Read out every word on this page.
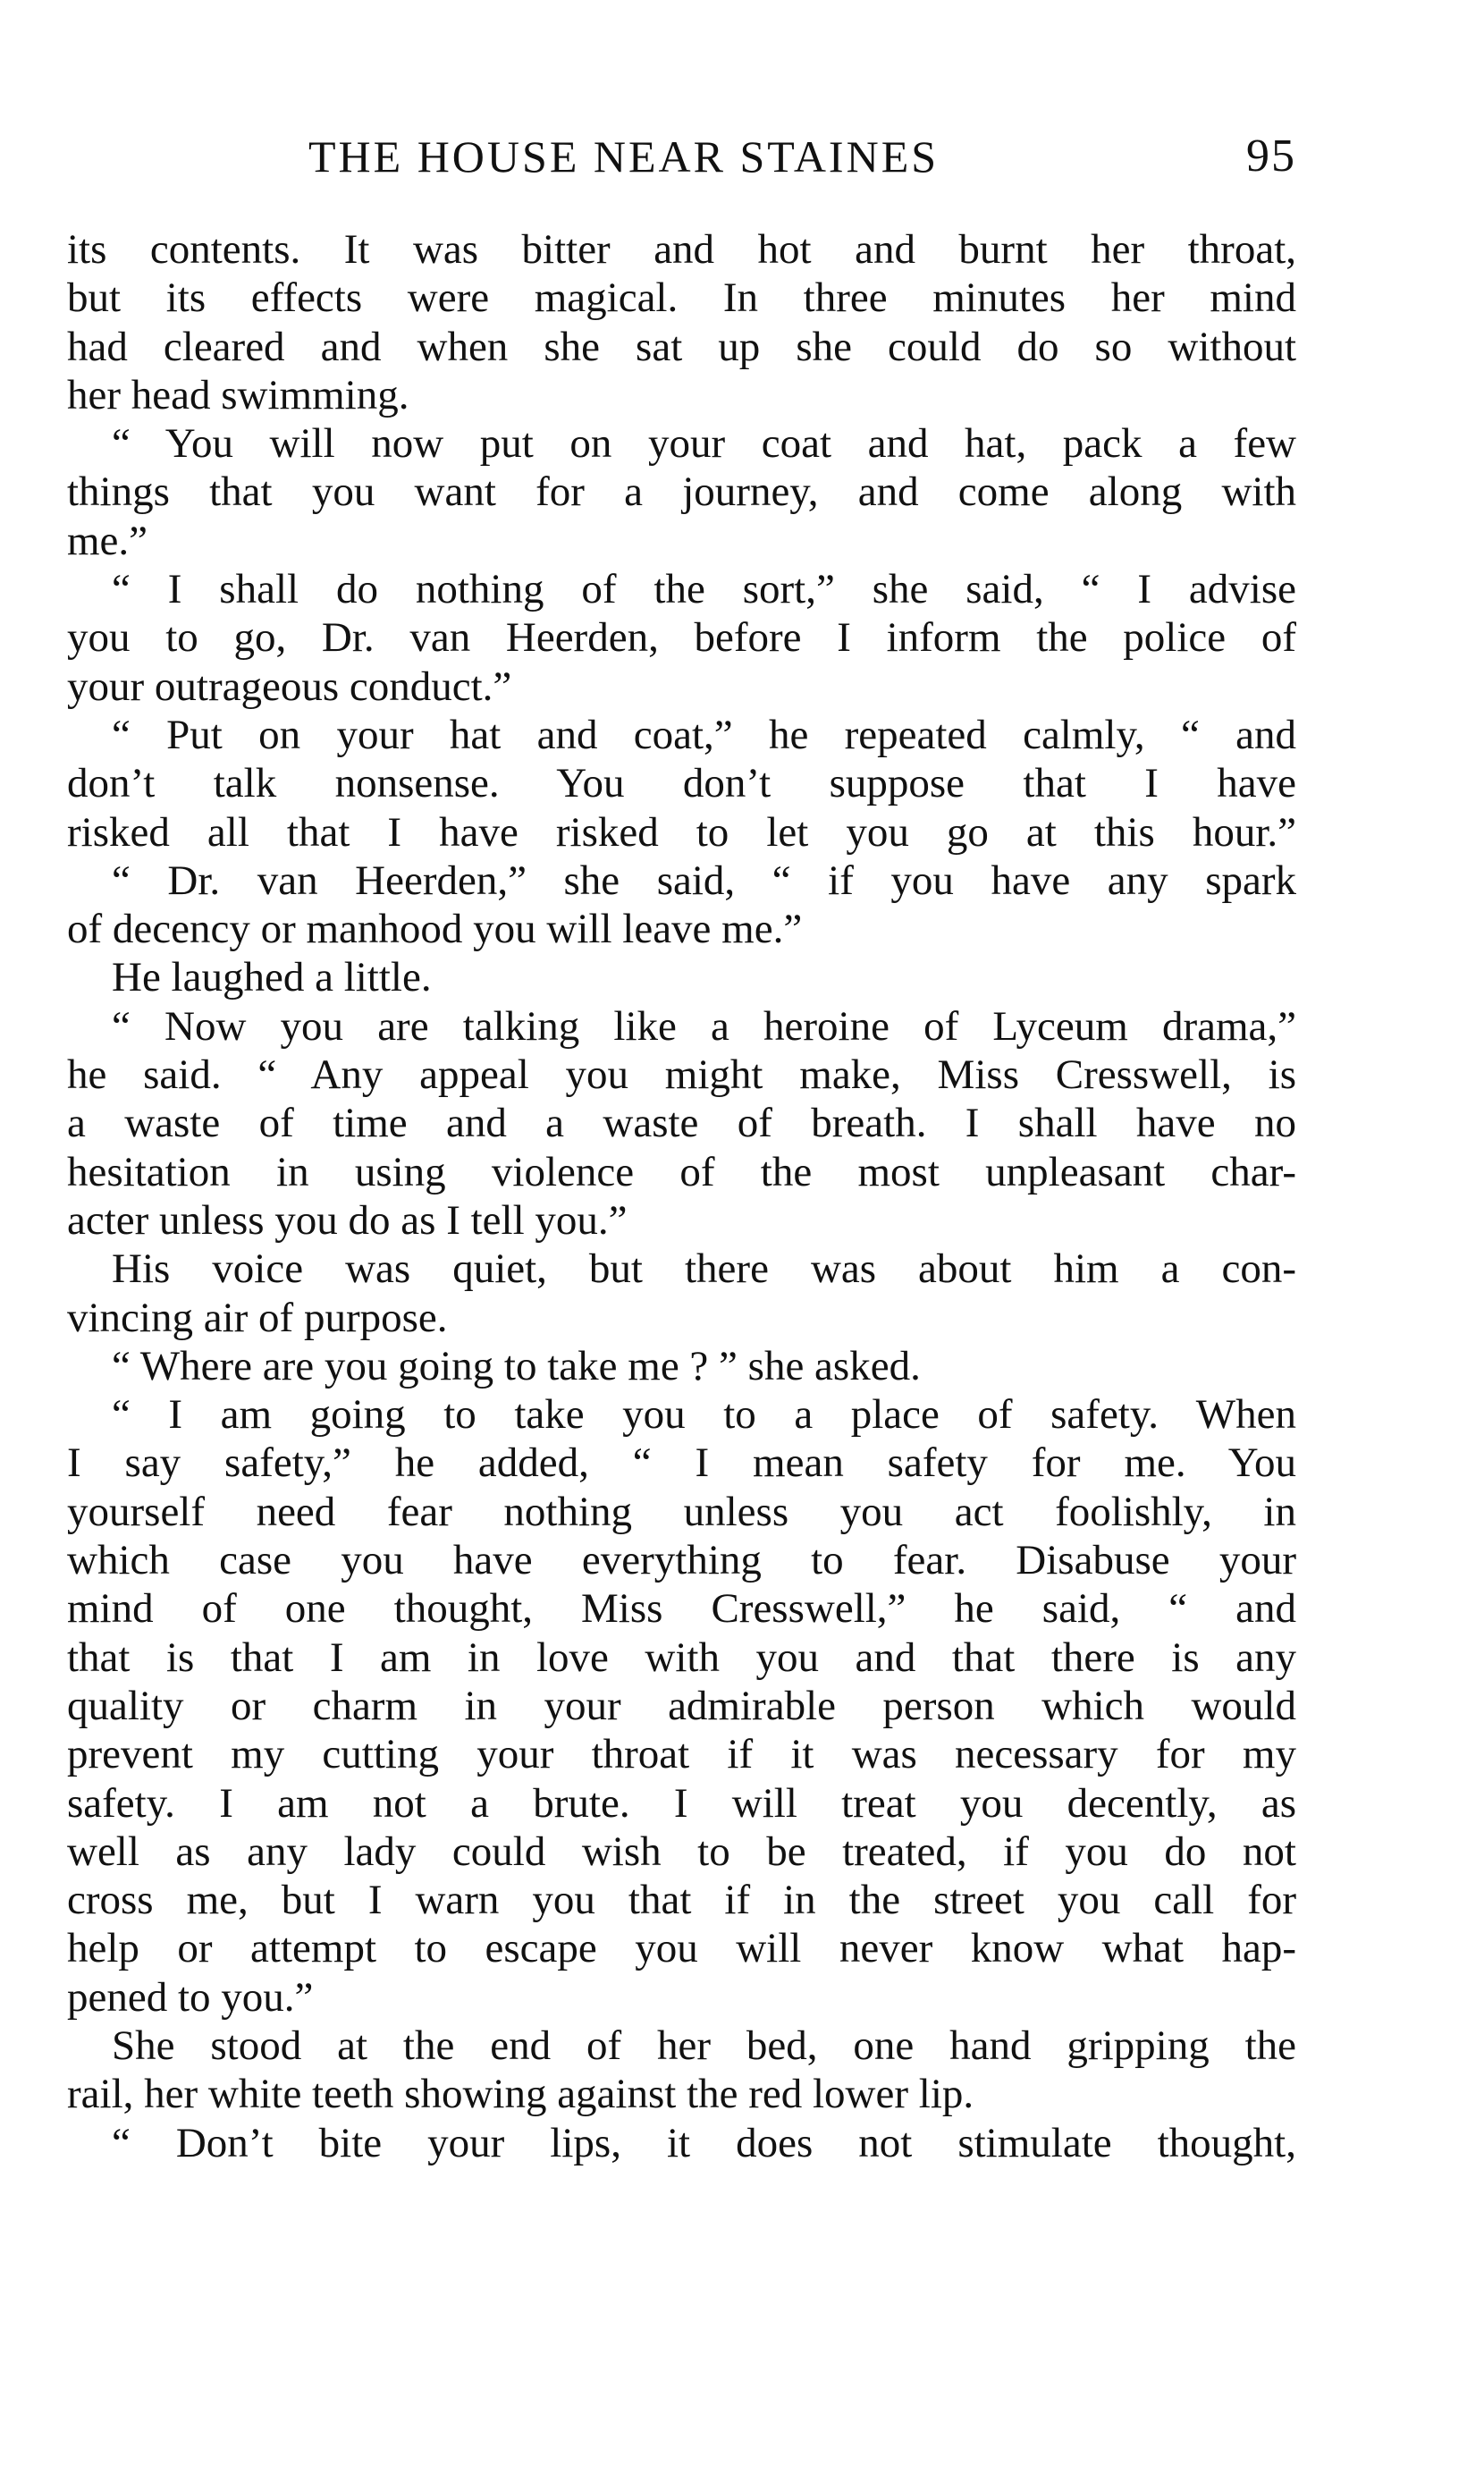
THE HOUSE NEAR STAINES	95
its contents. It was bitter and hot and burnt her throat,
but its effects were magical. In three minutes her mind
had cleared and when she sat up she could do so without
her head swimming.
“ You will now put on your coat and hat, pack a few
things that you want for a journey, and come along with
me.”
“ I shall do nothing of the sort,” she said, “ I advise
you to go, Dr. van Heerden, before I inform the police of
your outrageous conduct.”
“ Put on your hat and coat,” he repeated calmly, “ and
don’t talk nonsense. You don’t suppose that I have
risked all that I have risked to let you go at this hour.”
“ Dr. van Heerden,” she said, “ if you have any spark
of decency or manhood you will leave me.”
He laughed a little.
“ Now you are talking like a heroine of Lyceum drama,”
he said. “ Any appeal you might make, Miss Cresswell, is
a waste of time and a waste of breath. I shall have no
hesitation in using violence of the most unpleasant char-
acter unless you do as I tell you.”
His voice was quiet, but there was about him a con-
vincing air of purpose.
“ Where are you going to take me ? ” she asked.
“ I am going to take you to a place of safety. When
I say safety,” he added, “ I mean safety for me. You
yourself need fear nothing unless you act foolishly, in
which case you have everything to fear. Disabuse your
mind of one thought, Miss Cresswell,” he said, “ and
that is that I am in love with you and that there is any
quality or charm in your admirable person which would
prevent my cutting your throat if it was necessary for my
safety. I am not a brute. I will treat you decently, as
well as any lady could wish to be treated, if you do not
cross me, but I warn you that if in the street you call for
help or attempt to escape you will never know what hap-
pened to you.”
She stood at the end of her bed, one hand gripping the
rail, her white teeth showing against the red lower lip.
“ Don’t bite your lips, it does not stimulate thought,
